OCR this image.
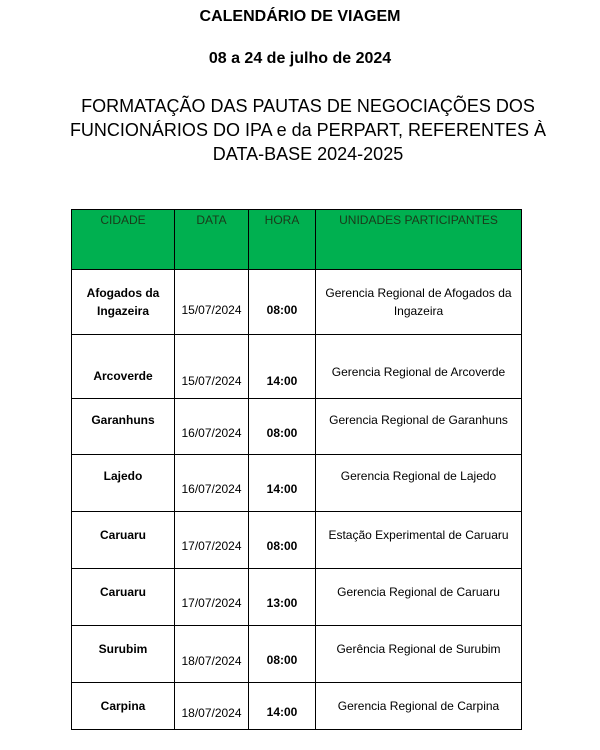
CALENDÁRIO DE VIAGEM
08 a 24 de julho de 2024
FORMATAÇÃO DAS PAUTAS DE NEGOCIAÇÕES DOS
FUNCIONÁRIOS DO IPA e da PERPART, REFERENTES À
DATA-BASE 2024-2025
CIDADE	DATA	HORA	UNIDADES PARTICIPANTES
Afogados da Ingazeira	15/07/2024	08:00	Gerencia Regional de Afogados da Ingazeira
Arcoverde	15/07/2024	14:00	Gerencia Regional de Arcoverde
Garanhuns	16/07/2024	08:00	Gerencia Regional de Garanhuns
Lajedo	16/07/2024	14:00	Gerencia Regional de Lajedo
Caruaru	17/07/2024	08:00	Estação Experimental de Caruaru
Caruaru	17/07/2024	13:00	Gerencia Regional de Caruaru
Surubim	18/07/2024	08:00	Gerência Regional de Surubim
Carpina	18/07/2024	14:00	Gerencia Regional de Carpina
